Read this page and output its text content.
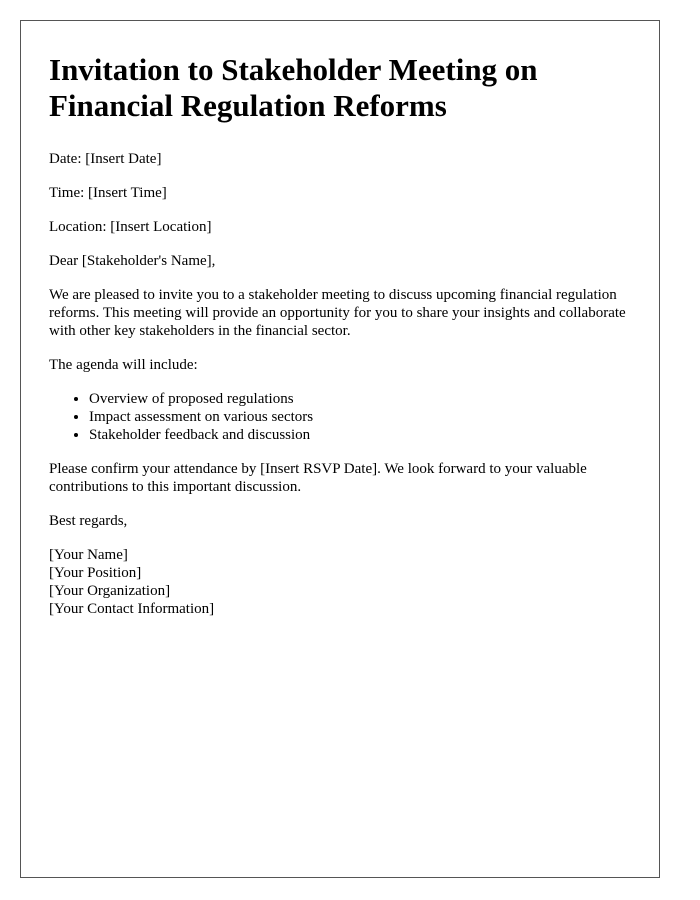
Invitation to Stakeholder Meeting on Financial Regulation Reforms

Date: [Insert Date]

Time: [Insert Time]

Location: [Insert Location]

Dear [Stakeholder's Name],

We are pleased to invite you to a stakeholder meeting to discuss upcoming financial regulation reforms. This meeting will provide an opportunity for you to share your insights and collaborate with other key stakeholders in the financial sector.

The agenda will include:

• Overview of proposed regulations
• Impact assessment on various sectors
• Stakeholder feedback and discussion

Please confirm your attendance by [Insert RSVP Date]. We look forward to your valuable contributions to this important discussion.

Best regards,

[Your Name]
[Your Position]
[Your Organization]
[Your Contact Information]
